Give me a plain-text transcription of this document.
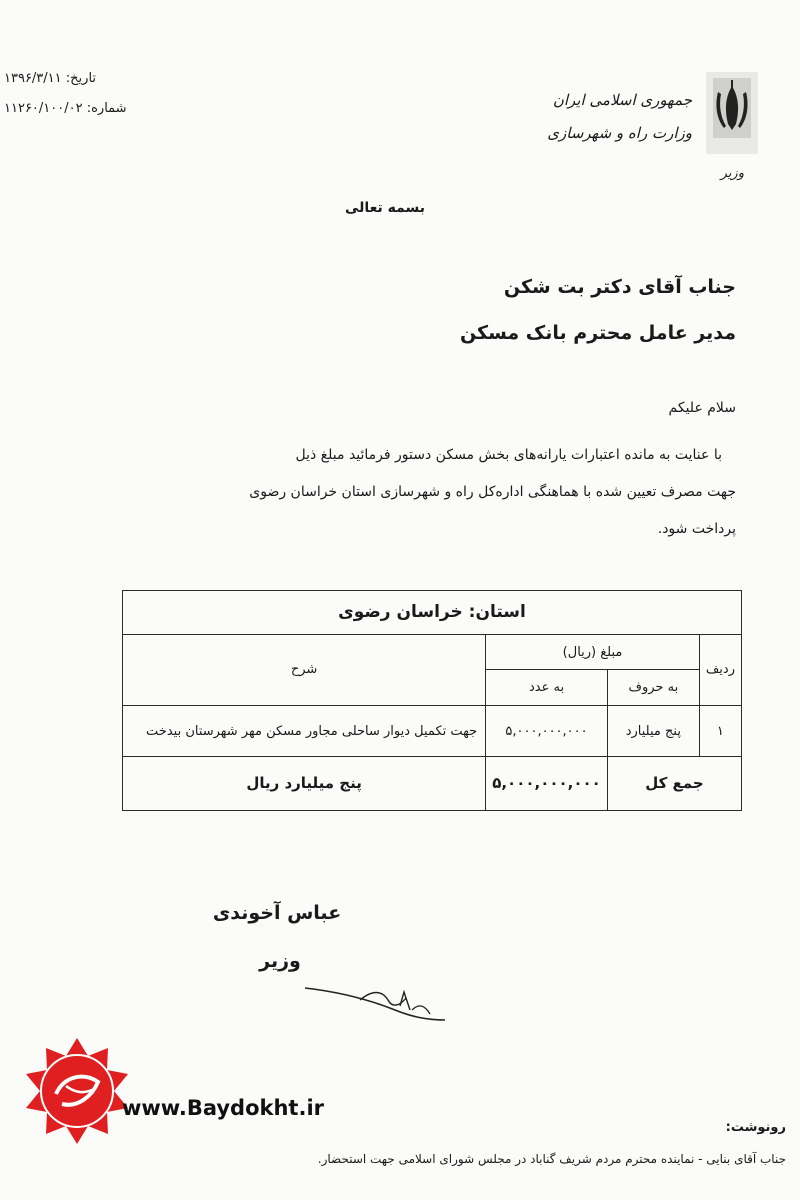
تاریخ: ۱۳۹۶/۳/۱۱
شماره: ۱۱۲۶۰/۱۰۰/۰۲	جمهوری اسلامی ایران
وزارت راه و شهرسازی
وزیر
بسمه تعالی
جناب آقای دکتر بت شکن
مدیر عامل محترم بانک مسکن
سلام علیکم

با عنایت به مانده اعتبارات یارانه‌های بخش مسکن دستور فرمائید مبلغ ذیل

جهت مصرف تعیین شده با هماهنگی اداره‌کل راه و شهرسازی استان خراسان رضوی

پرداخت شود.

استان: خراسان رضوی			
ردیف	مبلغ (ریال)		شرح
	به حروف	به عدد	
۱	پنج میلیارد	۵,۰۰۰,۰۰۰,۰۰۰	جهت تکمیل دیوار ساحلی مجاور مسکن مهر شهرستان بیدخت
جمع کل		۵,۰۰۰,۰۰۰,۰۰۰	پنج میلیارد ریال
عباس آخوندی
وزیر
www.Baydokht.ir
رونوشت:
جناب آقای بنایی - نماینده محترم مردم شریف گناباد در مجلس شورای اسلامی جهت استحضار.
